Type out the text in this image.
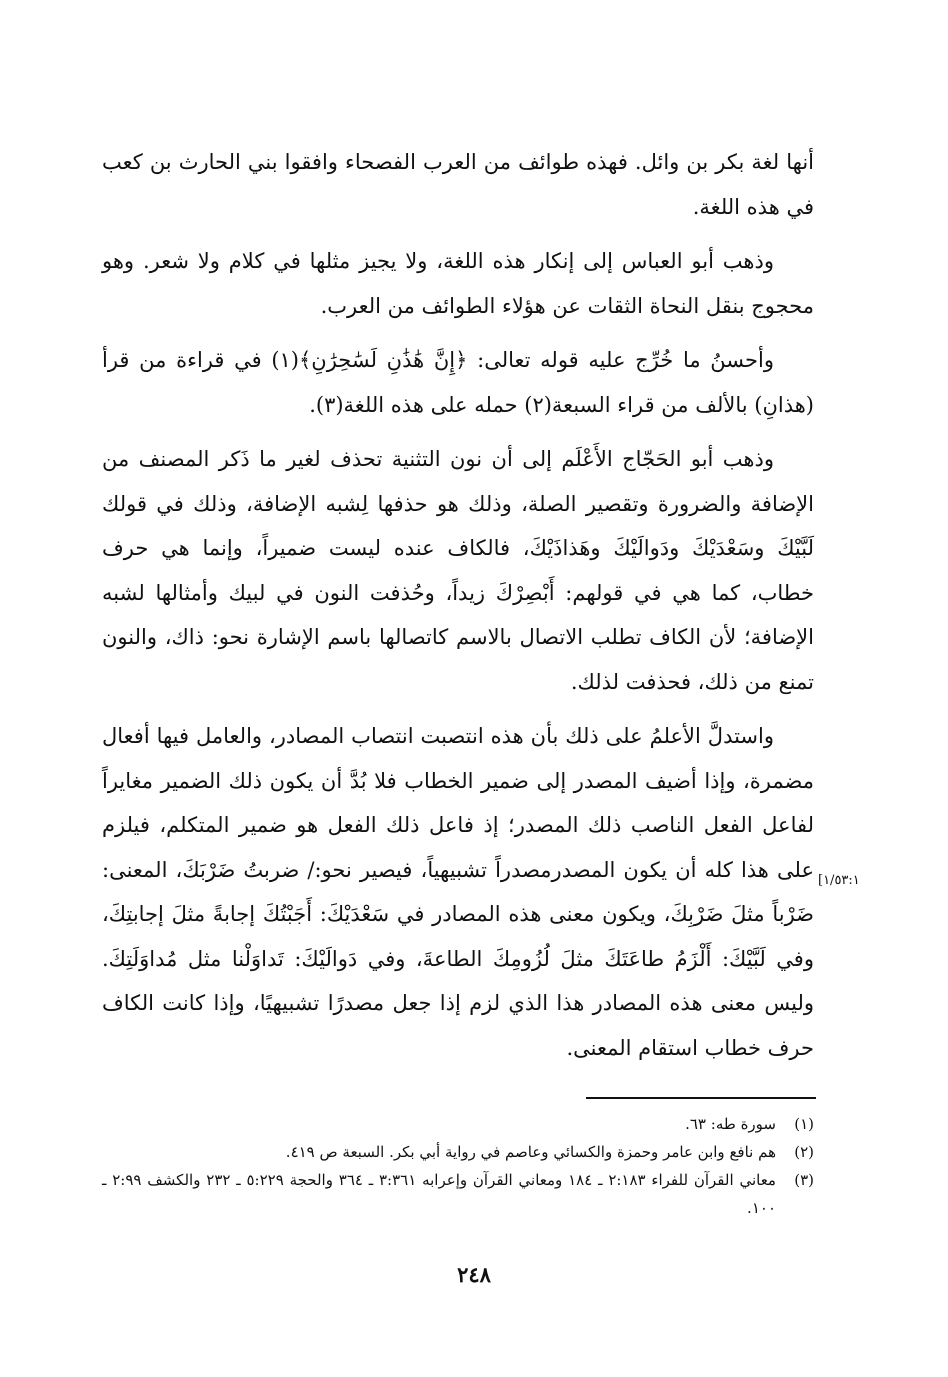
أنها لغة بكر بن وائل. فهذه طوائف من العرب الفصحاء وافقوا بني الحارث بن كعب في هذه اللغة.

وذهب أبو العباس إلى إنكار هذه اللغة، ولا يجيز مثلها في كلام ولا شعر. وهو محجوج بنقل النحاة الثقات عن هؤلاء الطوائف من العرب.

وأحسنُ ما خُرِّج عليه قوله تعالى: ﴿إِنَّ هَٰذَٰنِ لَسَٰحِرَٰنِ﴾(١) في قراءة من قرأ (هذانِ) بالألف من قراء السبعة(٢) حمله على هذه اللغة(٣).

وذهب أبو الحَجّاج الأَعْلَم إلى أن نون التثنية تحذف لغير ما ذَكر المصنف من الإضافة والضرورة وتقصير الصلة، وذلك هو حذفها لِشبه الإضافة، وذلك في قولك لَبَّيْكَ وسَعْدَيْكَ ودَوالَيْكَ وهَذاذَيْكَ، فالكاف عنده ليست ضميراً، وإنما هي حرف خطاب، كما هي في قولهم: أَبْصِرْكَ زيداً، وحُذفت النون في لبيك وأمثالها لشبه الإضافة؛ لأن الكاف تطلب الاتصال بالاسم كاتصالها باسم الإشارة نحو: ذاك، والنون تمنع من ذلك، فحذفت لذلك.

واستدلَّ الأعلمُ على ذلك بأن هذه انتصبت انتصاب المصادر، والعامل فيها أفعال مضمرة، وإذا أضيف المصدر إلى ضمير الخطاب فلا بُدَّ أن يكون ذلك الضمير مغايراً لفاعل الفعل الناصب ذلك المصدر؛ إذ فاعل ذلك الفعل هو ضمير المتكلم، فيلزم على هذا كله أن يكون المصدرمصدراً تشبيهياً، فيصير نحو:/ ضربتُ ضَرْبَكَ، المعنى: ضَرْباً مثلَ ضَرْبِكَ، ويكون معنى هذه المصادر في سَعْدَيْكَ: أَجَبْتُكَ إجابةً مثلَ إجابتِكَ، وفي لَبَّيْكَ: أَلْزَمُ طاعَتَكَ مثلَ لُزُومِكَ الطاعةَ، وفي دَوالَيْكَ: تَداوَلْنا مثل مُداوَلَتِكَ. وليس معنى هذه المصادر هذا الذي لزم إذا جعل مصدرًا تشبيهيًا، وإذا كانت الكاف حرف خطاب استقام المعنى.

[١/٥٣:١

(١)
سورة طه: ٦٣.

(٢)
هم نافع وابن عامر وحمزة والكسائي وعاصم في رواية أبي بكر. السبعة ص ٤١٩.

(٣)
معاني القرآن للفراء ٢:١٨٣ ـ ١٨٤ ومعاني القرآن وإعرابه ٣:٣٦١ ـ ٣٦٤ والحجة ٥:٢٢٩ ـ ٢٣٢ والكشف ٢:٩٩ ـ ١٠٠.

٢٤٨
